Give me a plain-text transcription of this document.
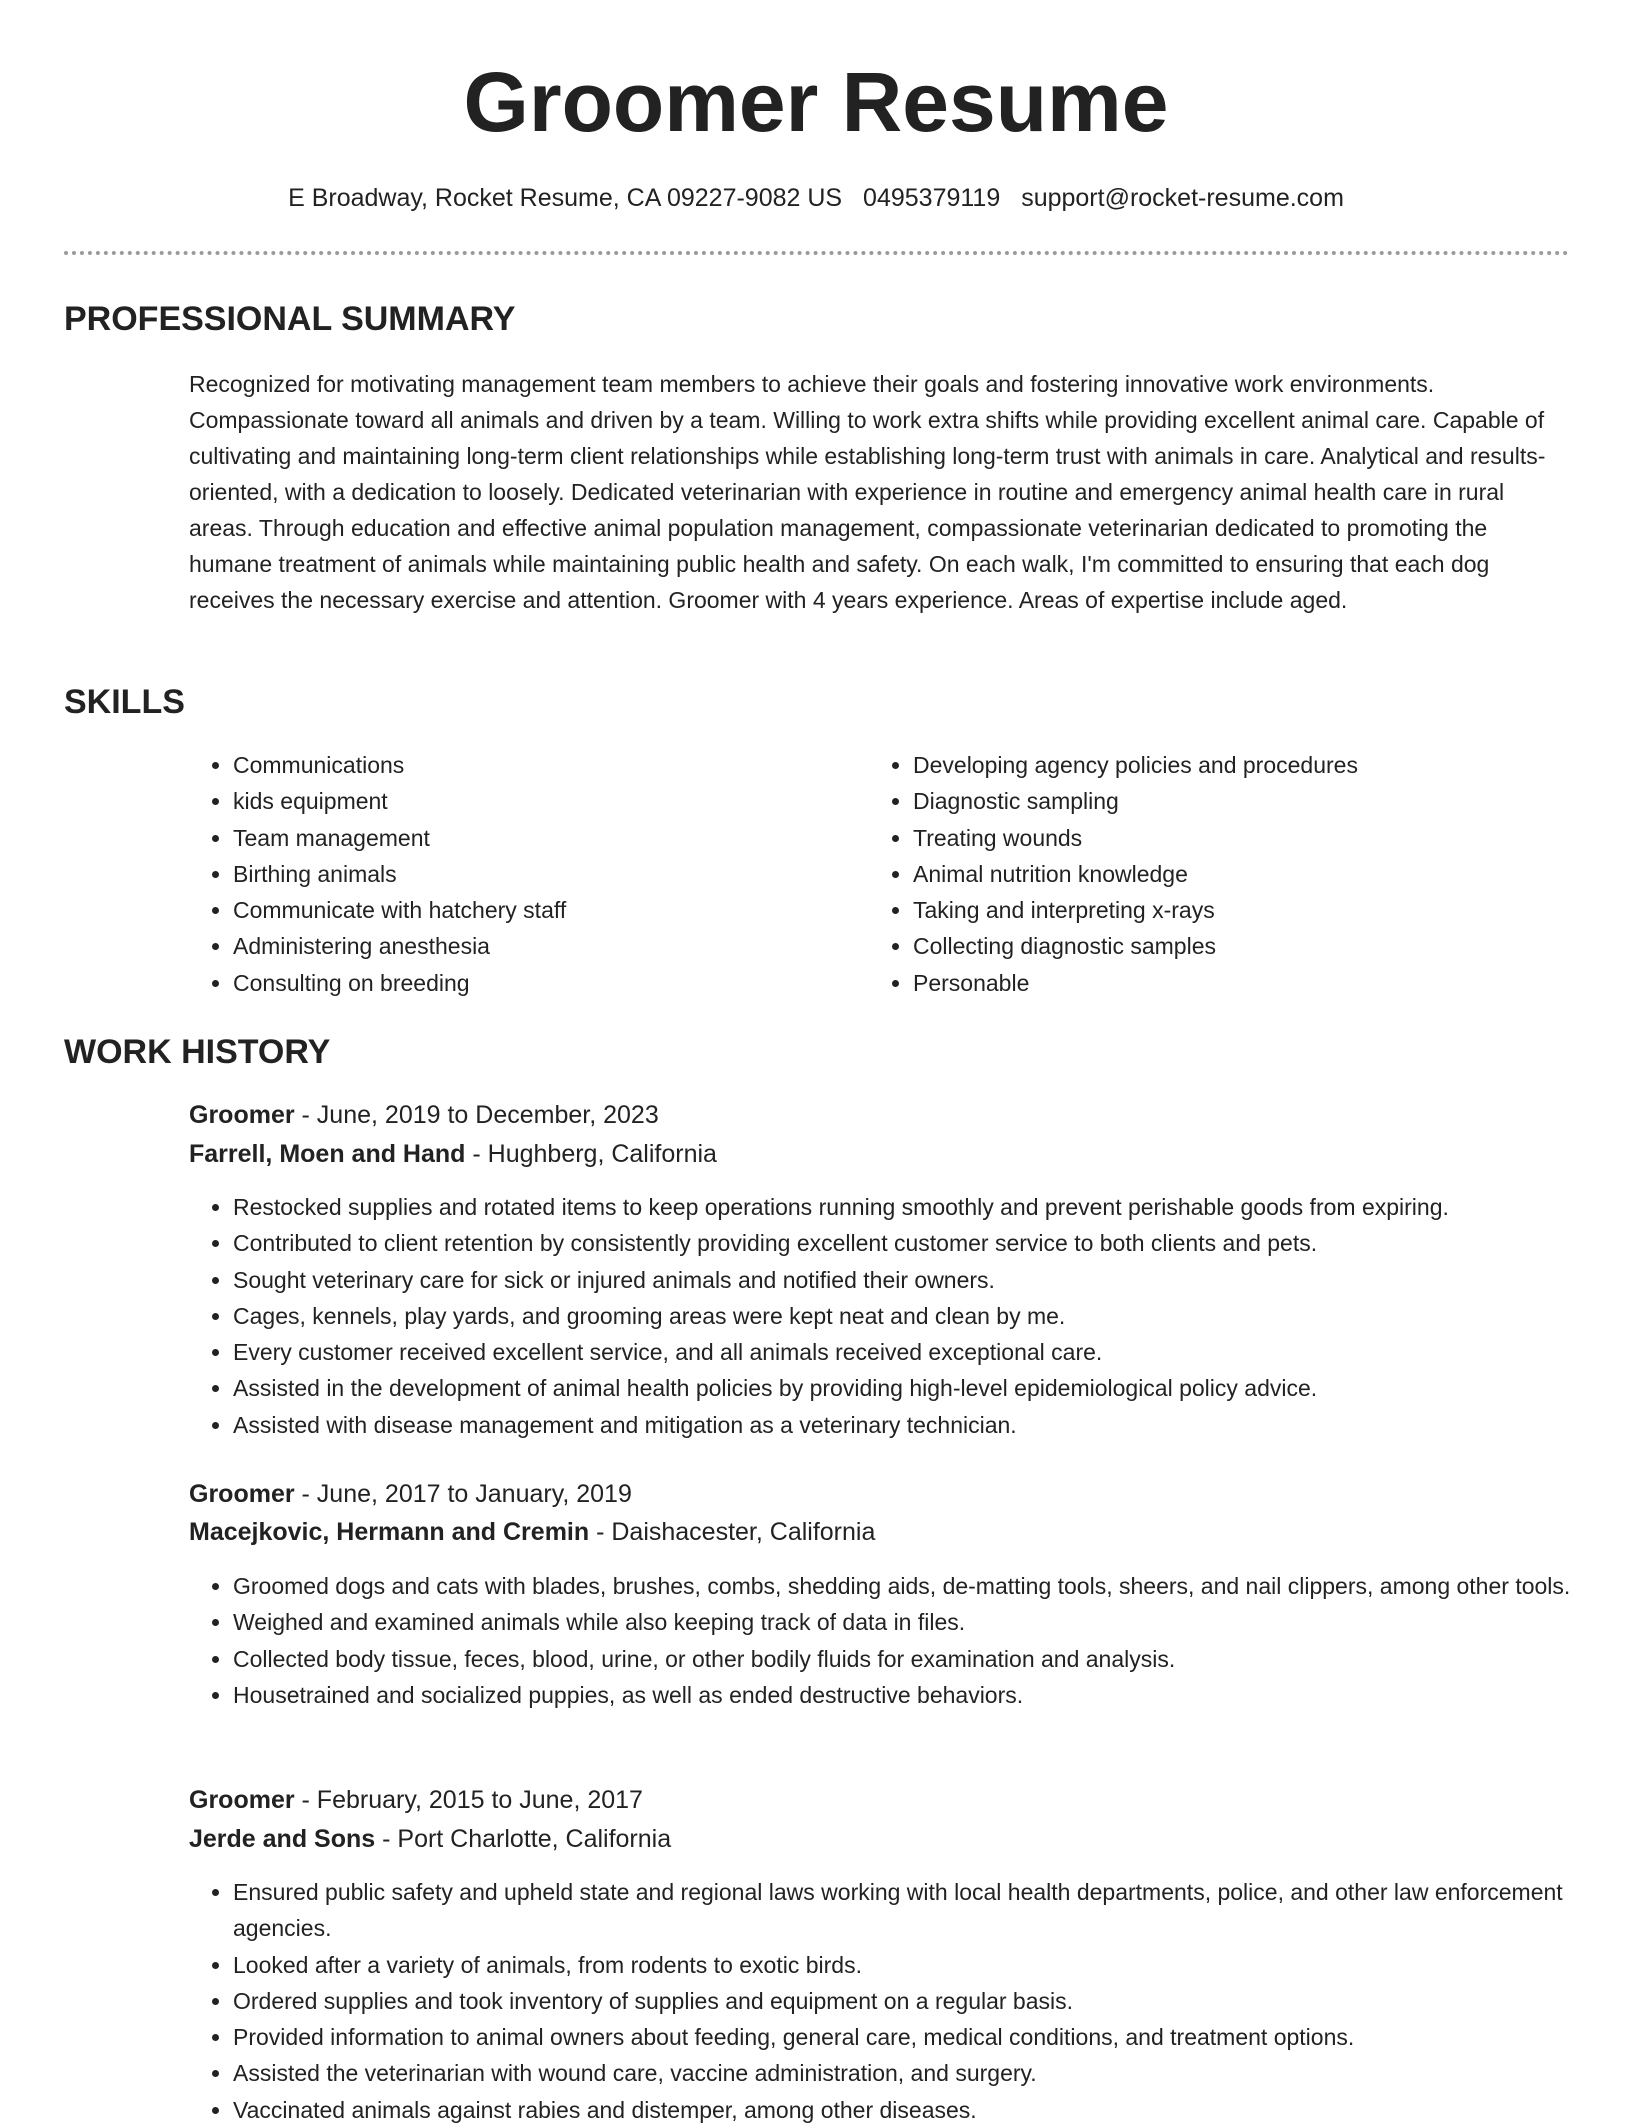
Groomer Resume
E Broadway, Rocket Resume, CA 09227-9082 US 0495379119 support@rocket-resume.com
PROFESSIONAL SUMMARY

Recognized for motivating management team members to achieve their goals and fostering innovative work environments. Compassionate toward all animals and driven by a team. Willing to work extra shifts while providing excellent animal care. Capable of cultivating and maintaining long-term client relationships while establishing long-term trust with animals in care. Analytical and results-oriented, with a dedication to loosely. Dedicated veterinarian with experience in routine and emergency animal health care in rural areas. Through education and effective animal population management, compassionate veterinarian dedicated to promoting the humane treatment of animals while maintaining public health and safety. On each walk, I'm committed to ensuring that each dog receives the necessary exercise and attention. Groomer with 4 years experience. Areas of expertise include aged.

SKILLS
• Communications
• kids equipment
• Team management
• Birthing animals
• Communicate with hatchery staff
• Administering anesthesia
• Consulting on breeding
• Developing agency policies and procedures
• Diagnostic sampling
• Treating wounds
• Animal nutrition knowledge
• Taking and interpreting x-rays
• Collecting diagnostic samples
• Personable
WORK HISTORY
Groomer - June, 2019 to December, 2023
Farrell, Moen and Hand - Hughberg, California
• Restocked supplies and rotated items to keep operations running smoothly and prevent perishable goods from expiring.
• Contributed to client retention by consistently providing excellent customer service to both clients and pets.
• Sought veterinary care for sick or injured animals and notified their owners.
• Cages, kennels, play yards, and grooming areas were kept neat and clean by me.
• Every customer received excellent service, and all animals received exceptional care.
• Assisted in the development of animal health policies by providing high-level epidemiological policy advice.
• Assisted with disease management and mitigation as a veterinary technician.
Groomer - June, 2017 to January, 2019
Macejkovic, Hermann and Cremin - Daishacester, California
• Groomed dogs and cats with blades, brushes, combs, shedding aids, de-matting tools, sheers, and nail clippers, among other tools.
• Weighed and examined animals while also keeping track of data in files.
• Collected body tissue, feces, blood, urine, or other bodily fluids for examination and analysis.
• Housetrained and socialized puppies, as well as ended destructive behaviors.
Groomer - February, 2015 to June, 2017
Jerde and Sons - Port Charlotte, California
• Ensured public safety and upheld state and regional laws working with local health departments, police, and other law enforcement agencies.
• Looked after a variety of animals, from rodents to exotic birds.
• Ordered supplies and took inventory of supplies and equipment on a regular basis.
• Provided information to animal owners about feeding, general care, medical conditions, and treatment options.
• Assisted the veterinarian with wound care, vaccine administration, and surgery.
• Vaccinated animals against rabies and distemper, among other diseases.
